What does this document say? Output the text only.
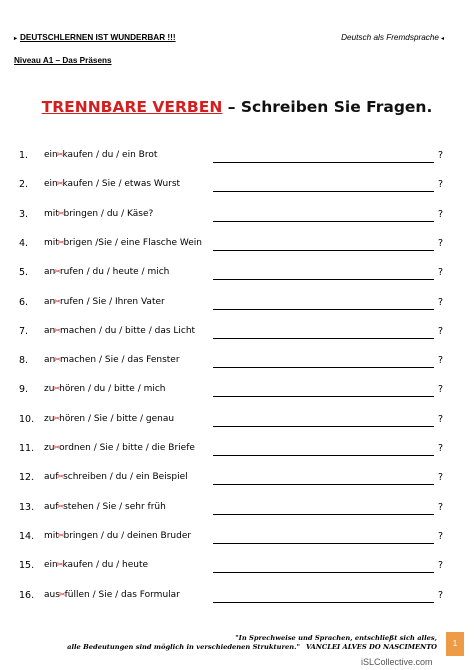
▸ DEUTSCHLERNEN IST WUNDERBAR !!!	Deutsch als Fremdsprache ◂
Niveau A1 – Das Präsens
TRENNBARE VERBEN – Schreiben Sie Fragen.
1. ein✂kaufen / du / ein Brot	?
2. ein✂kaufen / Sie / etwas Wurst	?
3. mit✂bringen / du / Käse?	?
4. mit✂brigen /Sie / eine Flasche Wein	?
5. an✂rufen / du / heute / mich	?
6. an✂rufen / Sie / Ihren Vater	?
7. an✂machen / du / bitte / das Licht	?
8. an✂machen / Sie / das Fenster	?
9. zu✂hören / du / bitte / mich	?
10. zu✂hören / Sie / bitte / genau	?
11. zu✂ordnen / Sie / bitte / die Briefe	?
12. auf✂schreiben / du / ein Beispiel	?
13. auf✂stehen / Sie / sehr früh	?
14. mit✂bringen / du / deinen Bruder	?
15. ein✂kaufen / du / heute	?
16. aus✂füllen / Sie / das Formular	?
"In Sprechweise und Sprachen, entschließt sich alles,
alle Bedeutungen sind möglich in verschiedenen Strukturen." VANCLEI ALVES DO NASCIMENTO	1
iSLCollective.com
